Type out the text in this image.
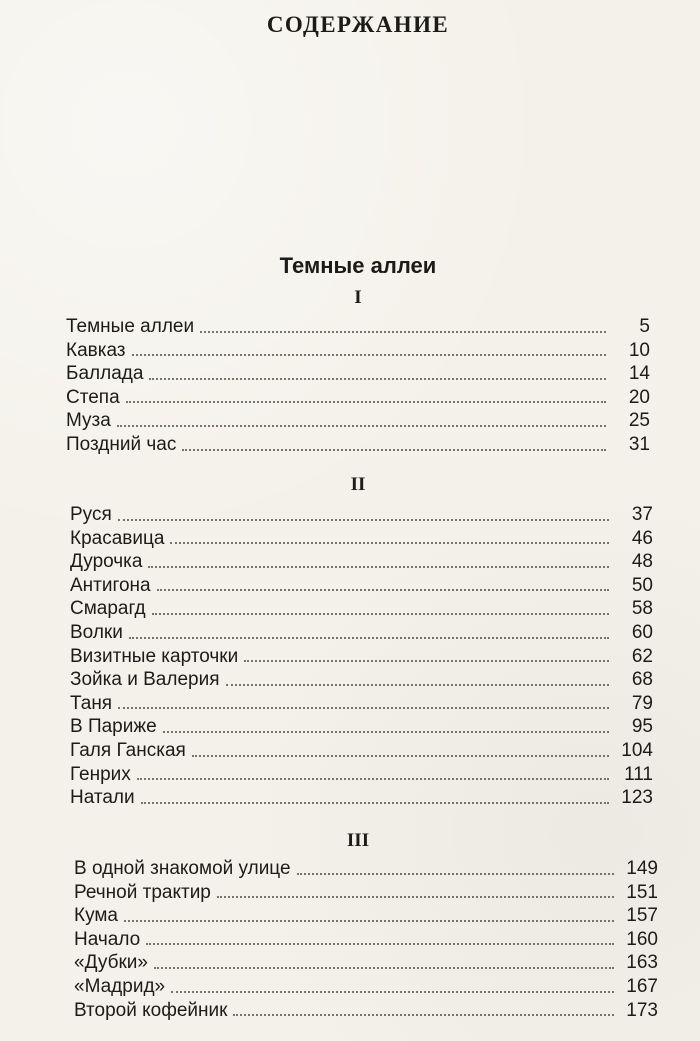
СОДЕРЖАНИЕ
Темные аллеи
I
Темные аллеи	5
Кавказ	10
Баллада	14
Степа	20
Муза	25
Поздний час	31
II
Руся	37
Красавица	46
Дурочка	48
Антигона	50
Смарагд	58
Волки	60
Визитные карточки	62
Зойка и Валерия	68
Таня	79
В Париже	95
Галя Ганская	104
Генрих	111
Натали	123
III
В одной знакомой улице	149
Речной трактир	151
Кума	157
Начало	160
«Дубки»	163
«Мадрид»	167
Второй кофейник	173
